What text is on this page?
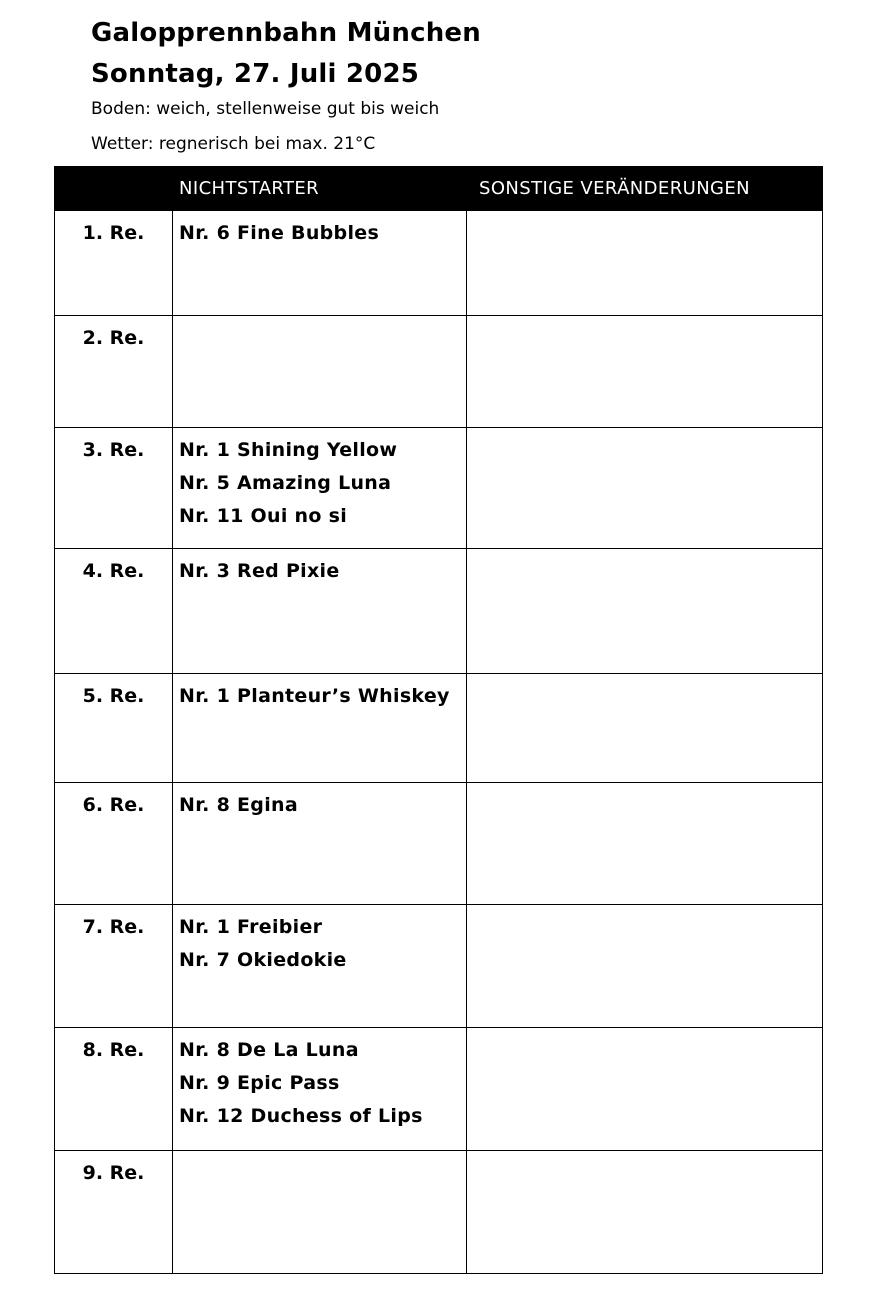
Galopprennbahn München
Sonntag, 27. Juli 2025

Boden: weich, stellenweise gut bis weich

Wetter: regnerisch bei max. 21°C

	NICHTSTARTER	SONSTIGE VERÄNDERUNGEN
1. Re.	Nr. 6 Fine Bubbles	

2. Re.		
3. Re.	Nr. 1 Shining Yellow
Nr. 5 Amazing Luna
Nr. 11 Oui no si	

4. Re.	Nr. 3 Red Pixie	

5. Re.	Nr. 1 Planteur’s Whiskey	

6. Re.	Nr. 8 Egina	

7. Re.	Nr. 1 Freibier
Nr. 7 Okiedokie	

8. Re.	Nr. 8 De La Luna
Nr. 9 Epic Pass
Nr. 12 Duchess of Lips	

9. Re.		
